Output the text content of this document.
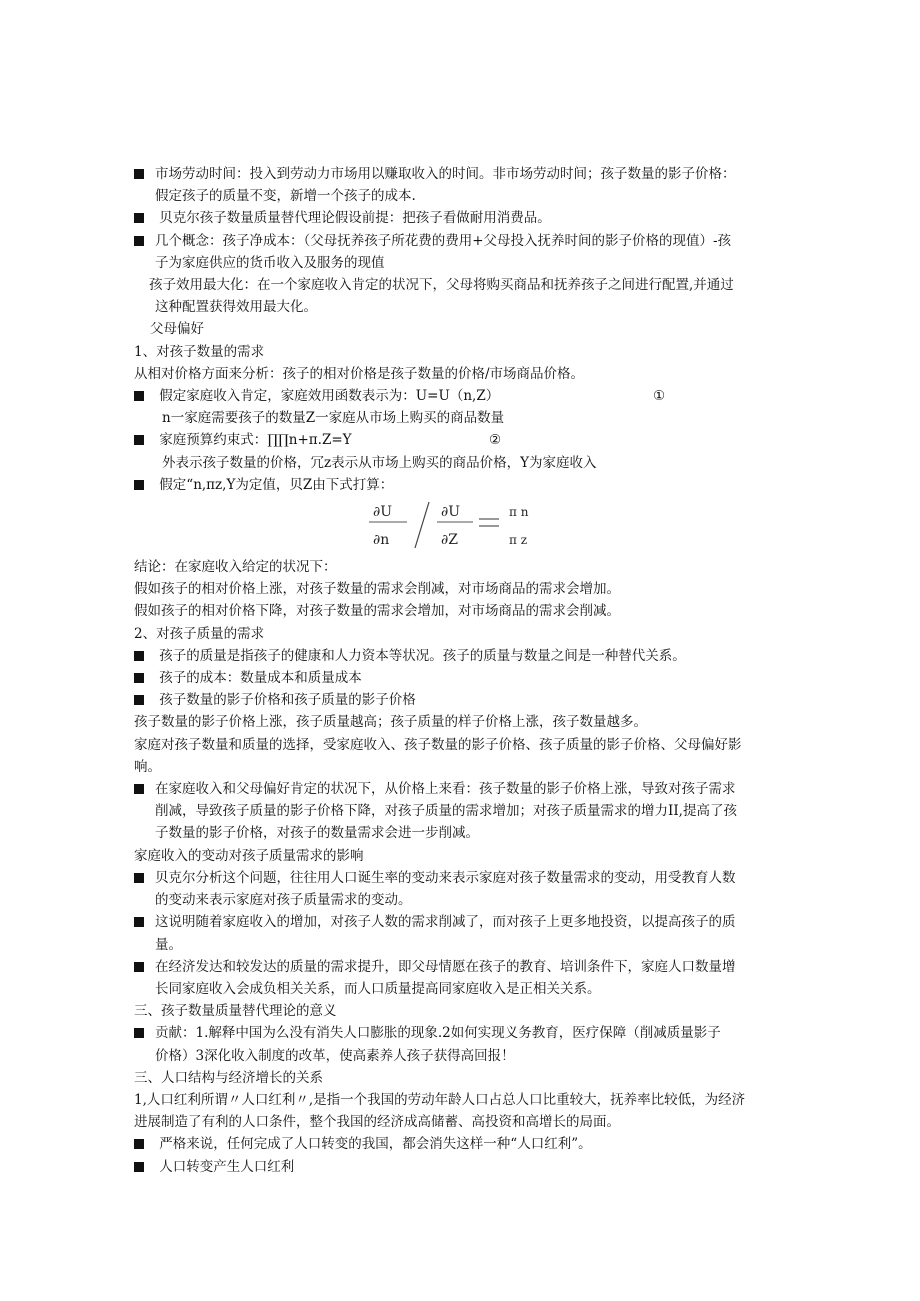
市场劳动时间：投入到劳动力市场用以赚取收入的时间。非市场劳动时间；孩子数量的影子价格：
假定孩子的质量不变，新增一个孩子的成本.
贝克尔孩子数量质量替代理论假设前提：把孩子看做耐用消费品。
几个概念：孩子净成本：（父母抚养孩子所花费的费用+父母投入抚养时间的影子价格的现值）-孩
子为家庭供应的货币收入及服务的现值
孩子效用最大化：在一个家庭收入肯定的状况下，父母将购买商品和抚养孩子之间进行配置,并通过
这种配置获得效用最大化。
父母偏好
1、对孩子数量的需求
从相对价格方面来分析：孩子的相对价格是孩子数量的价格/市场商品价格。
假定家庭收入肯定，家庭效用函数表示为：U=U（n,Z）	①
n一家庭需要孩子的数量Z一家庭从市场上购买的商品数量
家庭预算约束式：∏∏n+π.Z=Y	②
外表示孩子数量的价格，冗z表示从市场上购买的商品价格，Y为家庭收入
假定“n,πz,Y为定值，贝Z由下式打算：
∂U
∂n
∂U
∂Z
π n
π z
结论：在家庭收入给定的状况下：
假如孩子的相对价格上涨，对孩子数量的需求会削减，对市场商品的需求会增加。
假如孩子的相对价格下降，对孩子数量的需求会增加，对市场商品的需求会削减。
2、对孩子质量的需求
孩子的质量是指孩子的健康和人力资本等状况。孩子的质量与数量之间是一种替代关系。
孩子的成本：数量成本和质量成本
孩子数量的影子价格和孩子质量的影子价格
孩子数量的影子价格上涨，孩子质量越高；孩子质量的样子价格上涨，孩子数量越多。
家庭对孩子数量和质量的选择，受家庭收入、孩子数量的影子价格、孩子质量的影子价格、父母偏好影
响。
在家庭收入和父母偏好肯定的状况下，从价格上来看：孩子数量的影子价格上涨，导致对孩子需求
削减，导致孩子质量的影子价格下降，对孩子质量的需求增加；对孩子质量需求的增力II,提高了孩
子数量的影子价格，对孩子的数量需求会进一步削减。
家庭收入的变动对孩子质量需求的影响
贝克尔分析这个问题，往往用人口诞生率的变动来表示家庭对孩子数量需求的变动，用受教育人数
的变动来表示家庭对孩子质量需求的变动。
这说明随着家庭收入的增加，对孩子人数的需求削减了，而对孩子上更多地投资，以提高孩子的质
量。
在经济发达和较发达的质量的需求提升，即父母情愿在孩子的教育、培训条件下，家庭人口数量增
长同家庭收入会成负相关关系，而人口质量提高同家庭收入是正相关关系。
三、孩子数量质量替代理论的意义
贡献：1.解释中国为么没有消失人口膨胀的现象.2如何实现义务教育，医疗保障（削减质量影子
价格）3深化收入制度的改革，使高素养人孩子获得高回报！
三、人口结构与经济增长的关系
1,人口红利所谓〃人口红利〃,是指一个我国的劳动年龄人口占总人口比重较大，抚养率比较低，为经济
进展制造了有利的人口条件，整个我国的经济成高储蓄、高投资和高增长的局面。
严格来说，任何完成了人口转变的我国，都会消失这样一种“人口红利”。
人口转变产生人口红利
